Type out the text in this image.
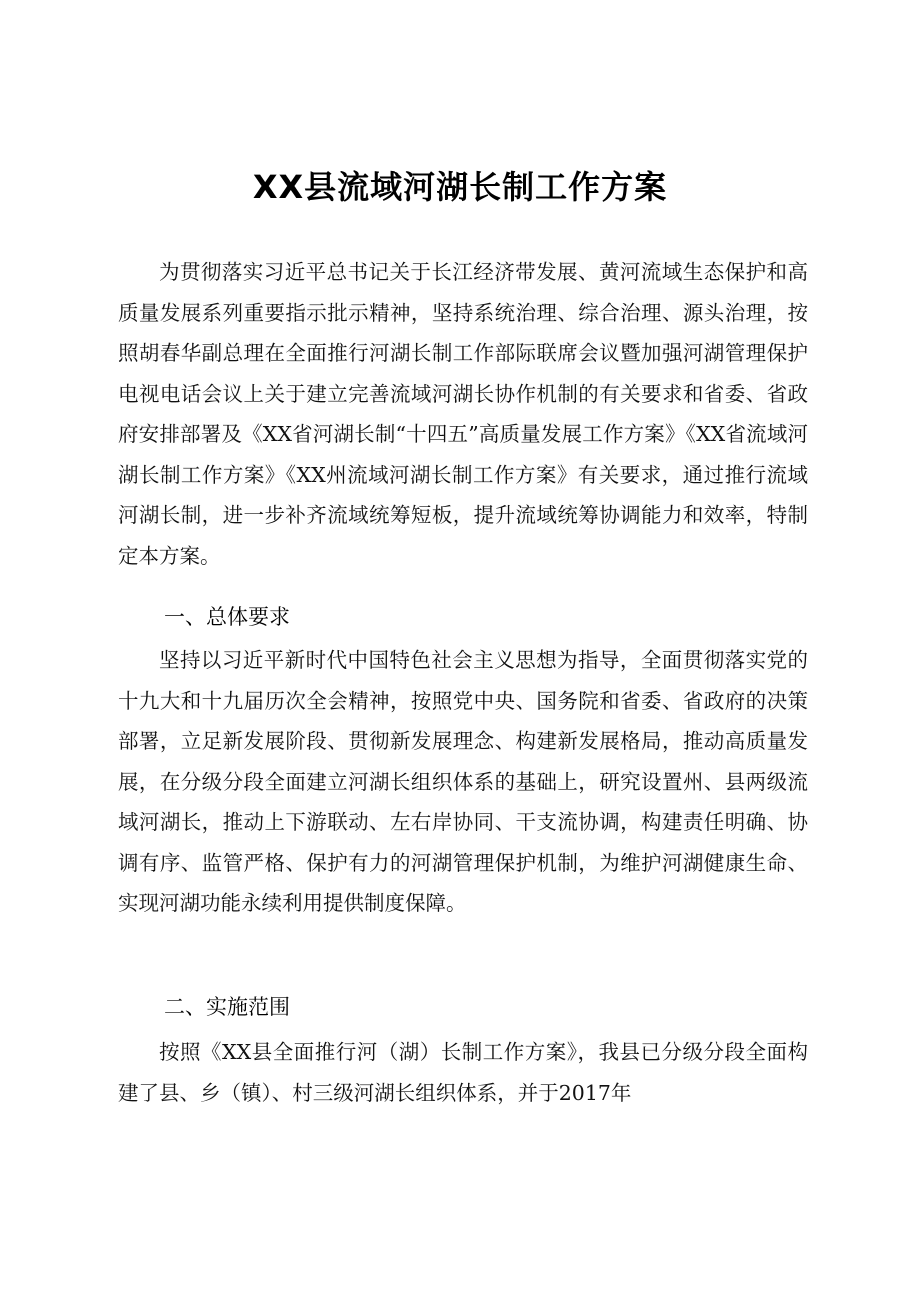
XX县流域河湖长制工作方案

为贯彻落实习近平总书记关于长江经济带发展、黄河流域生态保护和高质量发展系列重要指示批示精神，坚持系统治理、综合治理、源头治理，按照胡春华副总理在全面推行河湖长制工作部际联席会议暨加强河湖管理保护电视电话会议上关于建立完善流域河湖长协作机制的有关要求和省委、省政府安排部署及《XX省河湖长制“十四五”高质量发展工作方案》《XX省流域河湖长制工作方案》《XX州流域河湖长制工作方案》有关要求，通过推行流域河湖长制，进一步补齐流域统筹短板，提升流域统筹协调能力和效率，特制定本方案。

一、总体要求

坚持以习近平新时代中国特色社会主义思想为指导，全面贯彻落实党的十九大和十九届历次全会精神，按照党中央、国务院和省委、省政府的决策部署，立足新发展阶段、贯彻新发展理念、构建新发展格局，推动高质量发展，在分级分段全面建立河湖长组织体系的基础上，研究设置州、县两级流域河湖长，推动上下游联动、左右岸协同、干支流协调，构建责任明确、协调有序、监管严格、保护有力的河湖管理保护机制，为维护河湖健康生命、实现河湖功能永续利用提供制度保障。

二、实施范围

按照《XX县全面推行河（湖）长制工作方案》，我县已分级分段全面构建了县、乡（镇）、村三级河湖长组织体系，并于2017年
